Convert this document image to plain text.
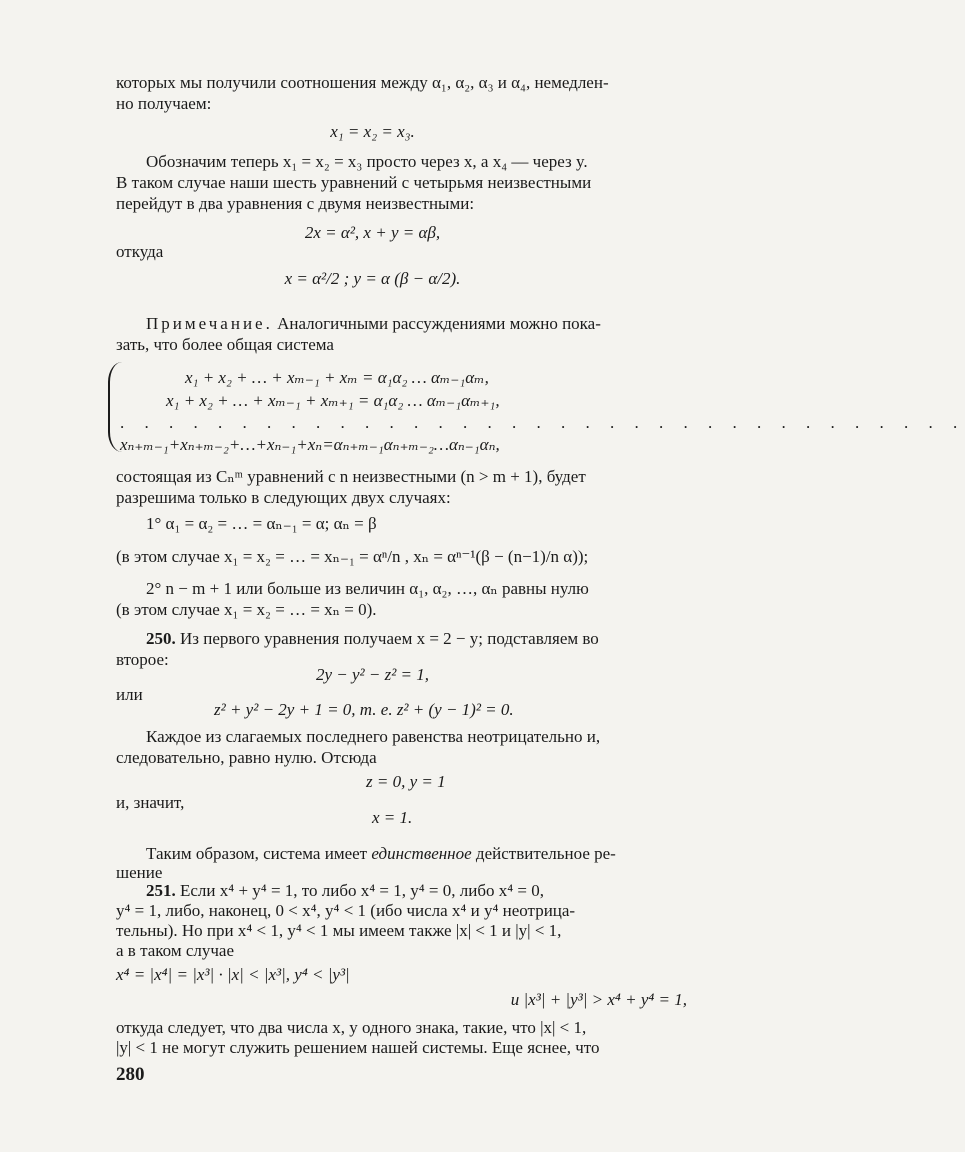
которых мы получили соотношения между α₁, α₂, α₃ и α₄, немедлен-
но получаем:
x₁ = x₂ = x₃.
Обозначим теперь x₁ = x₂ = x₃ просто через x, а x₄ — через y.
В таком случае наши шесть уравнений с четырьмя неизвестными
перейдут в два уравнения с двумя неизвестными:
2x = α², x + y = αβ,
откуда
x = α²/2 ; y = α (β − α/2).
Примечание. Аналогичными рассуждениями можно пока-
зать, что более общая система
x₁ + x₂ + … + xₘ₋₁ + xₘ = α₁α₂ … αₘ₋₁αₘ,
x₁ + x₂ + … + xₘ₋₁ + xₘ₊₁ = α₁α₂ … αₘ₋₁αₘ₊₁,
. . . . . . . . . . . . . . . . . . . . . . . . . . . . . . . . . . .
xₙ₊ₘ₋₁+xₙ₊ₘ₋₂+…+xₙ₋₁+xₙ=αₙ₊ₘ₋₁αₙ₊ₘ₋₂…αₙ₋₁αₙ,
состоящая из Cₙᵐ уравнений с n неизвестными (n > m + 1), будет
разрешима только в следующих двух случаях:
1° α₁ = α₂ = … = αₙ₋₁ = α; αₙ = β
(в этом случае x₁ = x₂ = … = xₙ₋₁ = αⁿ/n , xₙ = αⁿ⁻¹(β − (n−1)/n α));
2° n − m + 1 или больше из величин α₁, α₂, …, αₙ равны нулю
(в этом случае x₁ = x₂ = … = xₙ = 0).
250. Из первого уравнения получаем x = 2 − y; подставляем во
второе:
2y − y² − z² = 1,
или
z² + y² − 2y + 1 = 0, т. е. z² + (y − 1)² = 0.
Каждое из слагаемых последнего равенства неотрицательно и,
следовательно, равно нулю. Отсюда
z = 0, y = 1
и, значит,
x = 1.
Таким образом, система имеет единственное действительное ре-
шение
251. Если x⁴ + y⁴ = 1, то либо x⁴ = 1, y⁴ = 0, либо x⁴ = 0,
y⁴ = 1, либо, наконец, 0 < x⁴, y⁴ < 1 (ибо числа x⁴ и y⁴ неотрица-
тельны). Но при x⁴ < 1, y⁴ < 1 мы имеем также |x| < 1 и |y| < 1,
а в таком случае
x⁴ = |x⁴| = |x³| · |x| < |x³|, y⁴ < |y³|
и |x³| + |y³| > x⁴ + y⁴ = 1,
откуда следует, что два числа x, y одного знака, такие, что |x| < 1,
|y| < 1 не могут служить решением нашей системы. Еще яснее, что
280
